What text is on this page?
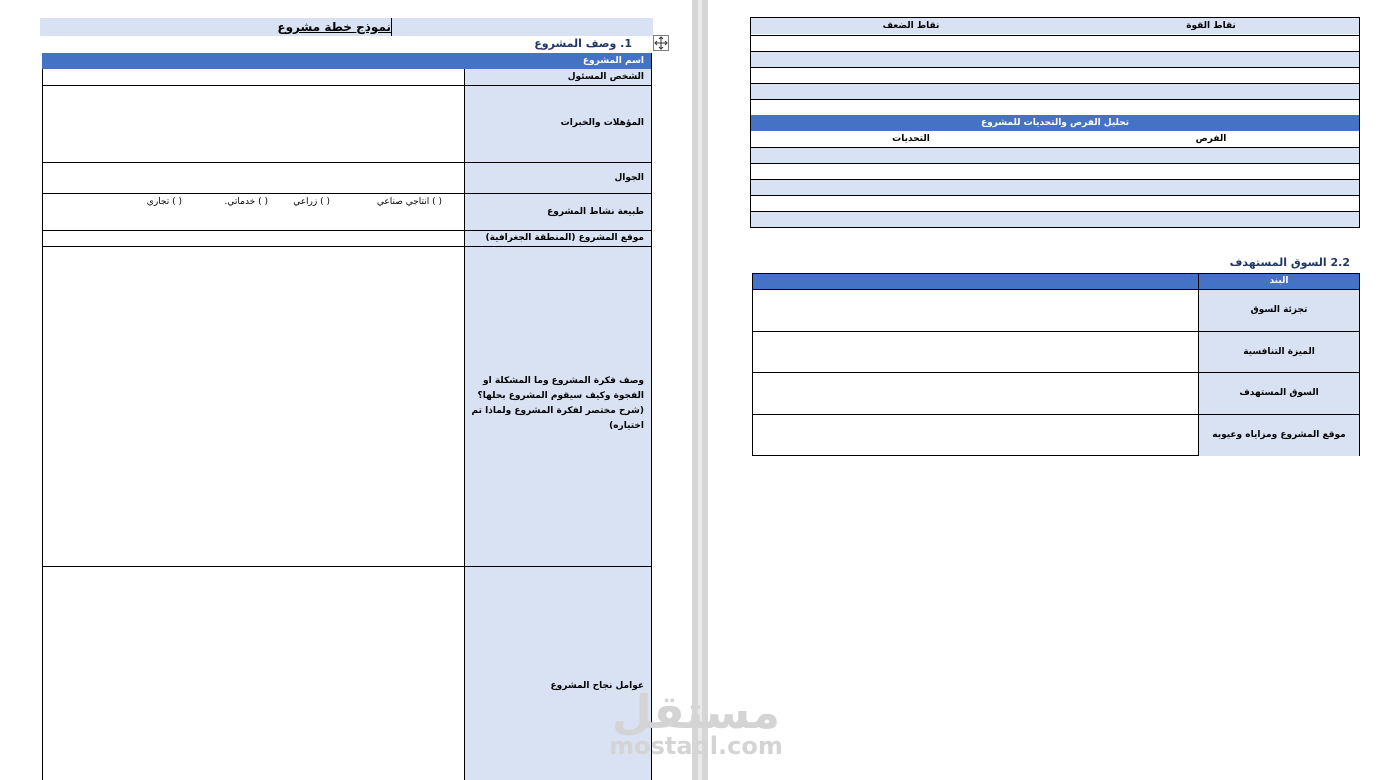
نموذج خطة مشروع
1. وصف المشروع
اسم المشروع
الشخص المسئول
المؤهلات والخبرات
الجوال
طبيعة نشاط المشروع
( ) انتاجي صناعي
( ) زراعي
( ) خدماتي.
( ) تجاري
موقع المشروع (المنطقة الجغرافية)
وصف فكرة المشروع وما المشكلة او الفجوة وكيف سيقوم المشروع بحلها؟ (شرح مختصر لفكرة المشروع ولماذا تم اختياره)
عوامل نجاح المشروع
نقاط القوة
نقاط الضعف
تحليل الفرص والتحديات للمشروع
الفرص
التحديات
2.2 السوق المستهدف
البند
تجزئة السوق
الميزة التنافسية
السوق المستهدف
موقع المشروع ومزاياه وعيوبه
مستقل
mostaql.com
